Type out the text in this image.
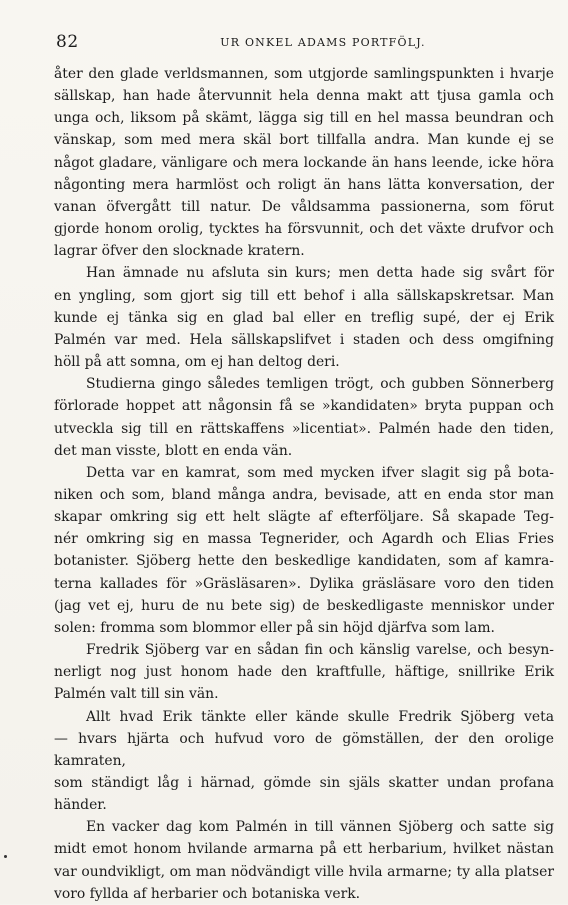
82	UR ONKEL ADAMS PORTFÖLJ.
åter den glade verldsmannen, som utgjorde samlingspunkten i hvarje
sällskap, han hade återvunnit hela denna makt att tjusa gamla och
unga och, liksom på skämt, lägga sig till en hel massa beundran och
vänskap, som med mera skäl bort tillfalla andra. Man kunde ej se
något gladare, vänligare och mera lockande än hans leende, icke höra
någonting mera harmlöst och roligt än hans lätta konversation, der
vanan öfvergått till natur. De våldsamma passionerna, som förut
gjorde honom orolig, tycktes ha försvunnit, och det växte drufvor och
lagrar öfver den slocknade kratern.
Han ämnade nu afsluta sin kurs; men detta hade sig svårt för
en yngling, som gjort sig till ett behof i alla sällskapskretsar. Man
kunde ej tänka sig en glad bal eller en treflig supé, der ej Erik
Palmén var med. Hela sällskapslifvet i staden och dess omgifning
höll på att somna, om ej han deltog deri.
Studierna gingo således temligen trögt, och gubben Sönnerberg
förlorade hoppet att någonsin få se »kandidaten» bryta puppan och
utveckla sig till en rättskaffens »licentiat». Palmén hade den tiden,
det man visste, blott en enda vän.
Detta var en kamrat, som med mycken ifver slagit sig på bota-
niken och som, bland många andra, bevisade, att en enda stor man
skapar omkring sig ett helt slägte af efterföljare. Så skapade Teg-
nér omkring sig en massa Tegnerider, och Agardh och Elias Fries
botanister. Sjöberg hette den beskedlige kandidaten, som af kamra-
terna kallades för »Gräsläsaren». Dylika gräsläsare voro den tiden
(jag vet ej, huru de nu bete sig) de beskedligaste menniskor under
solen: fromma som blommor eller på sin höjd djärfva som lam.
Fredrik Sjöberg var en sådan fin och känslig varelse, och besyn-
nerligt nog just honom hade den kraftfulle, häftige, snillrike Erik
Palmén valt till sin vän.
Allt hvad Erik tänkte eller kände skulle Fredrik Sjöberg veta
— hvars hjärta och hufvud voro de gömställen, der den orolige kamraten,
som ständigt låg i härnad, gömde sin själs skatter undan profana händer.
En vacker dag kom Palmén in till vännen Sjöberg och satte sig
midt emot honom hvilande armarna på ett herbarium, hvilket nästan
var oundvikligt, om man nödvändigt ville hvila armarne; ty alla platser
voro fyllda af herbarier och botaniska verk.
